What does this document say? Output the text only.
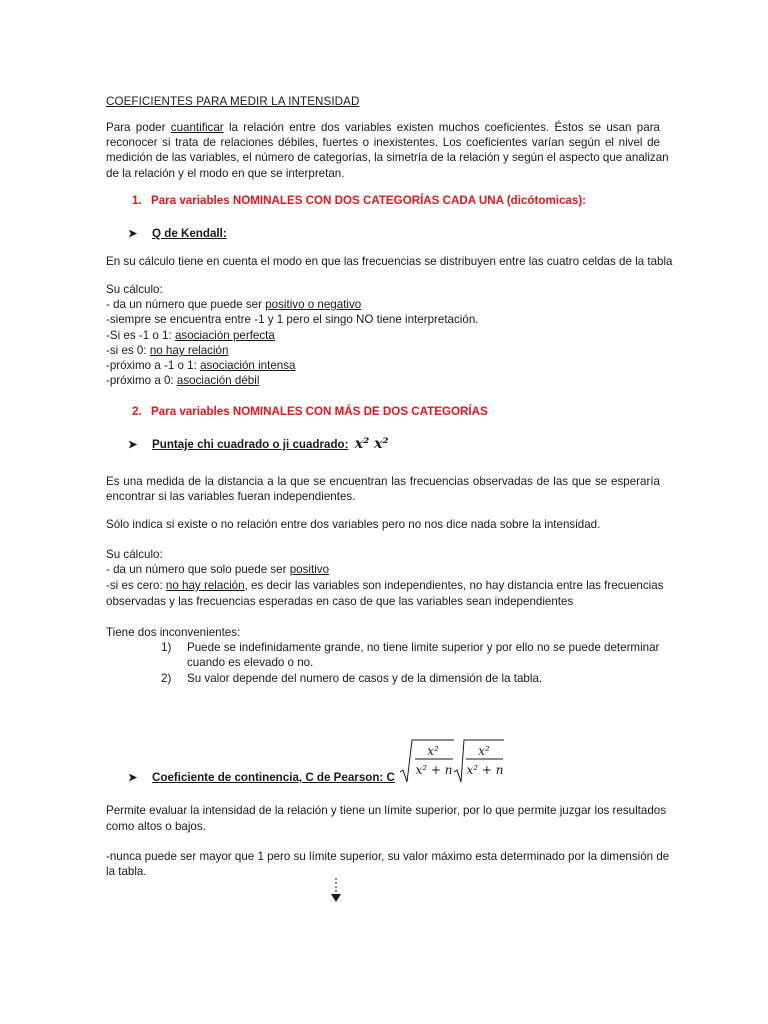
COEFICIENTES PARA MEDIR LA INTENSIDAD
Para poder cuantificar la relación entre dos variables existen muchos coeficientes. Éstos se usan para
reconocer si trata de relaciones débiles, fuertes o inexistentes. Los coeficientes varían según el nivel de
medición de las variables, el número de categorías, la simetría de la relación y según el aspecto que analizan
de la relación y el modo en que se interpretan.
1. Para variables NOMINALES CON DOS CATEGORÍAS CADA UNA (dicótomicas):
➤ Q de Kendall:
En su cálculo tiene en cuenta el modo en que las frecuencias se distribuyen entre las cuatro celdas de la tabla
Su cálculo:
- da un número que puede ser positivo o negativo
-siempre se encuentra entre -1 y 1 pero el singo NO tiene interpretación.
-Si es -1 o 1: asociación perfecta
-si es 0: no hay relación
-próximo a -1 o 1: asociación intensa
-próximo a 0: asociación débil
2. Para variables NOMINALES CON MÁS DE DOS CATEGORÍAS
➤ Puntaje chi cuadrado o ji cuadrado: x² x²
Es una medida de la distancia a la que se encuentran las frecuencias observadas de las que se esperaría
encontrar si las variables fueran independientes.
Sólo indica si existe o no relación entre dos variables pero no nos dice nada sobre la intensidad.
Su cálculo:
- da un número que solo puede ser positivo
-si es cero: no hay relación, es decir las variables son independientes, no hay distancia entre las frecuencias
observadas y las frecuencias esperadas en caso de que las variables sean independientes
Tiene dos inconvenientes:
1) Puede se indefinidamente grande, no tiene limite superior y por ello no se puede determinar
cuando es elevado o no.
2) Su valor depende del numero de casos y de la dimensión de la tabla.
➤ Coeficiente de continencia, C de Pearson: C
x²
x² + n
x²
x² + n
Permite evaluar la intensidad de la relación y tiene un límite superior, por lo que permite juzgar los resultados
como altos o bajos.
-nunca puede ser mayor que 1 pero su límite superior, su valor máximo esta determinado por la dimensión de
la tabla.
